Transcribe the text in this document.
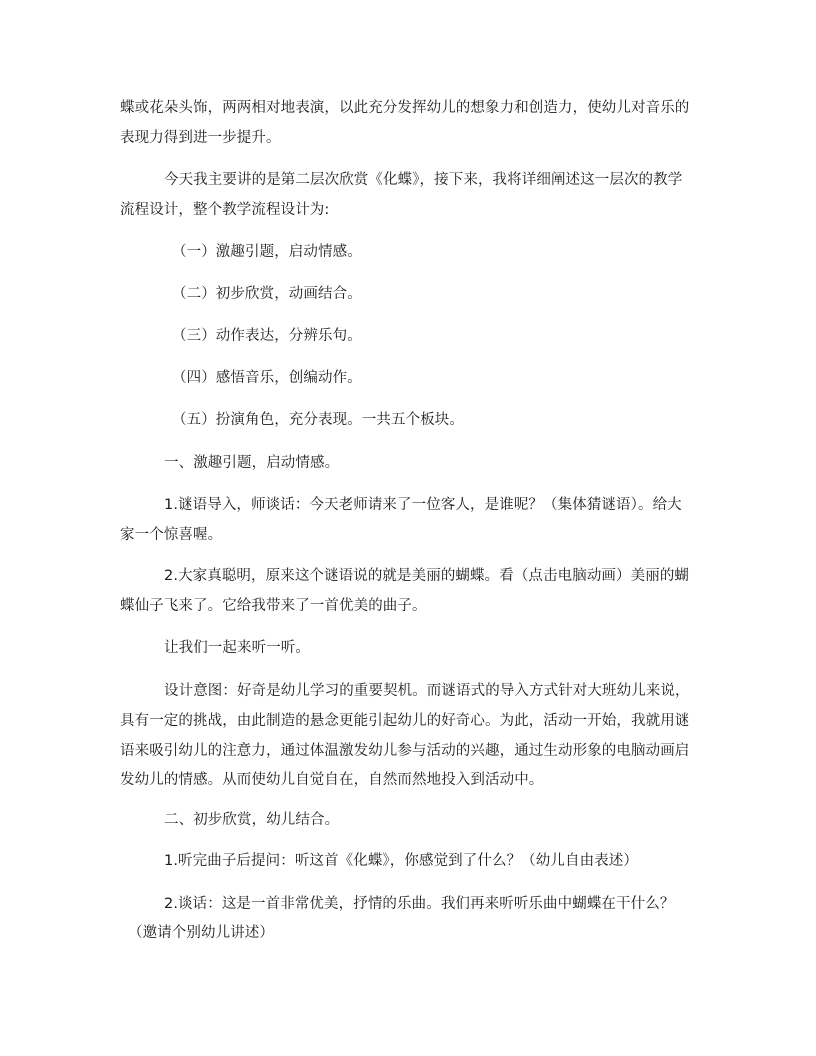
蝶或花朵头饰，两两相对地表演，以此充分发挥幼儿的想象力和创造力，使幼儿对音乐的

表现力得到进一步提升。

今天我主要讲的是第二层次欣赏《化蝶》，接下来，我将详细阐述这一层次的教学

流程设计，整个教学流程设计为:

（一）激趣引题，启动情感。

（二）初步欣赏，动画结合。

（三）动作表达，分辨乐句。

（四）感悟音乐，创编动作。

（五）扮演角色，充分表现。一共五个板块。

一、激趣引题，启动情感。

1.谜语导入，师谈话：今天老师请来了一位客人，是谁呢？（集体猜谜语）。给大

家一个惊喜喔。

2.大家真聪明，原来这个谜语说的就是美丽的蝴蝶。看（点击电脑动画）美丽的蝴

蝶仙子飞来了。它给我带来了一首优美的曲子。

让我们一起来听一听。

设计意图：好奇是幼儿学习的重要契机。而谜语式的导入方式针对大班幼儿来说，

具有一定的挑战，由此制造的悬念更能引起幼儿的好奇心。为此，活动一开始，我就用谜

语来吸引幼儿的注意力，通过体温激发幼儿参与活动的兴趣，通过生动形象的电脑动画启

发幼儿的情感。从而使幼儿自觉自在，自然而然地投入到活动中。

二、初步欣赏，幼儿结合。

1.听完曲子后提问：听这首《化蝶》，你感觉到了什么？（幼儿自由表述）

2.谈话：这是一首非常优美，抒情的乐曲。我们再来听听乐曲中蝴蝶在干什么？

（邀请个别幼儿讲述）
